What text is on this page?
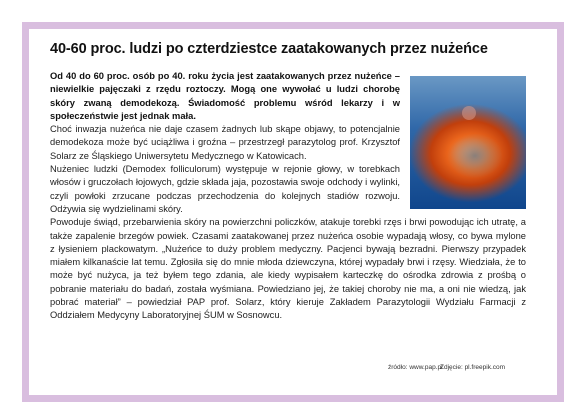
40-60 proc. ludzi po czterdziestce zaatakowanych przez nużeńce

Od 40 do 60 proc. osób po 40. roku życia jest zaatakowanych przez nużeńce – niewielkie pajęczaki z rzędu roztoczy. Mogą one wywołać u ludzi chorobę skóry zwaną demodekozą. Świadomość problemu wśród lekarzy i w społeczeństwie jest jednak mała.

Choć inwazja nużeńca nie daje czasem żadnych lub skąpe objawy, to potencjalnie demodekoza może być uciążliwa i groźna – przestrzegł parazytolog prof. Krzysztof Solarz ze Śląskiego Uniwersytetu Medycznego w Katowicach.

Nużeniec ludzki (Demodex folliculorum) występuje w rejonie głowy, w torebkach włosów i gruczołach łojowych, gdzie składa jaja, pozostawia swoje odchody i wylinki, czyli powłoki zrzucane podczas przechodzenia do kolejnych stadiów rozwoju. Odżywia się wydzielinami skóry.

Powoduje świąd, przebarwienia skóry na powierzchni policzków, atakuje torebki rzęs i brwi powodując ich utratę, a także zapalenie brzegów powiek. Czasami zaatakowanej przez nużeńca osobie wypadają włosy, co bywa mylone z łysieniem plackowatym. „Nużeńce to duży problem medyczny. Pacjenci bywają bezradni. Pierwszy przypadek miałem kilkanaście lat temu. Zgłosiła się do mnie młoda dziewczyna, której wypadały brwi i rzęsy. Wiedziała, że to może być nużyca, ja też byłem tego zdania, ale kiedy wypisałem karteczkę do ośrodka zdrowia z prośbą o pobranie materiału do badań, została wyśmiana. Powiedziano jej, że takiej choroby nie ma, a oni nie wiedzą, jak pobrać materiał” – powiedział PAP prof. Solarz, który kieruje Zakładem Parazytologii Wydziału Farmacji z Oddziałem Medycyny Laboratoryjnej ŚUM w Sosnowcu.

źródło: www.pap.pl
Zdjęcie: pl.freepik.com
